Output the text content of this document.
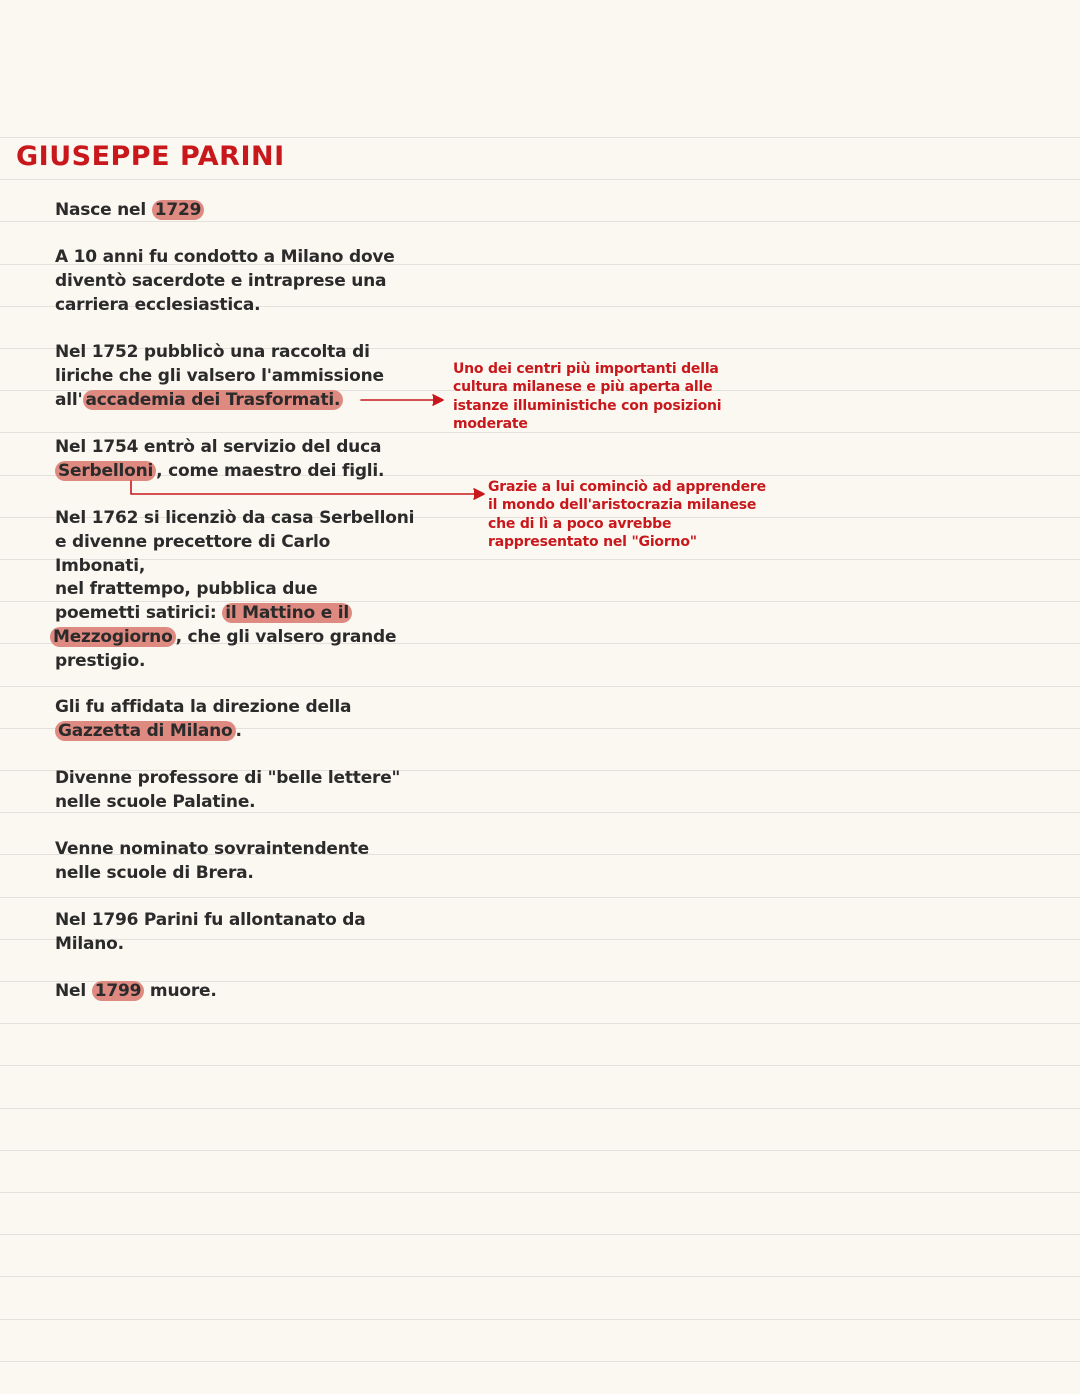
GIUSEPPE PARINI

Nasce nel 1729

A 10 anni fu condotto a Milano dove

diventò sacerdote e intraprese una

carriera ecclesiastica.

Nel 1752 pubblicò una raccolta di

liriche che gli valsero l'ammissione

all' accademia dei Trasformati.

Nel 1754 entrò al servizio del duca

Serbelloni , come maestro dei figli.

Nel 1762 si licenziò da casa Serbelloni

e divenne precettore di Carlo

Imbonati,

nel frattempo, pubblica due

poemetti satirici: il Mattino e il

Mezzogiorno , che gli valsero grande

prestigio.

Gli fu affidata la direzione della

Gazzetta di Milano .

Divenne professore di "belle lettere"

nelle scuole Palatine.

Venne nominato sovraintendente

nelle scuole di Brera.

Nel 1796 Parini fu allontanato da

Milano.

Nel 1799 muore.

Uno dei centri più importanti della

cultura milanese e più aperta alle

istanze illuministiche con posizioni

moderate

Grazie a lui cominciò ad apprendere

il mondo dell'aristocrazia milanese

che di lì a poco avrebbe

rappresentato nel "Giorno"
